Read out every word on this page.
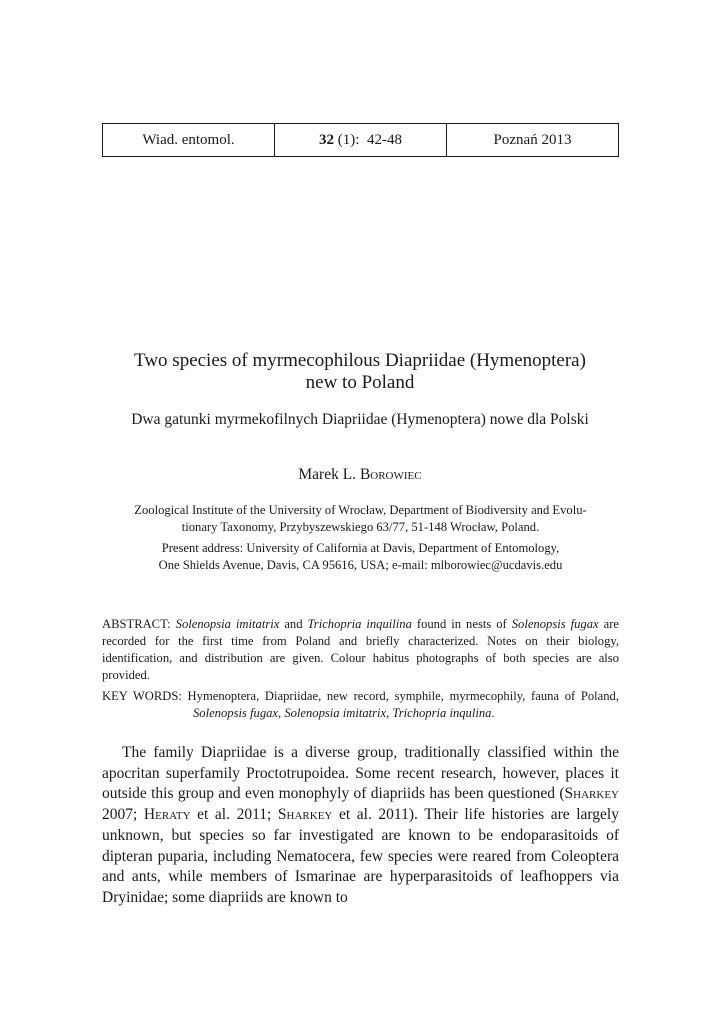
Wiad. entomol.	32 (1):  42-48	Poznań 2013
Two species of myrmecophilous Diapriidae (Hymenoptera)
new to Poland
Dwa gatunki myrmekofilnych Diapriidae (Hymenoptera) nowe dla Polski
Marek L. Borowiec
Zoological Institute of the University of Wrocław, Department of Biodiversity and Evolu-
tionary Taxonomy, Przybyszewskiego 63/77, 51-148 Wrocław, Poland.
Present address: University of California at Davis, Department of Entomology,
One Shields Avenue, Davis, CA 95616, USA; e-mail: mlborowiec@ucdavis.edu
ABSTRACT: Solenopsia imitatrix and Trichopria inquilina found in nests of Solenopsis fugax are recorded for the first time from Poland and briefly characterized. Notes on their biology, identification, and distribution are given. Colour habitus photographs of both species are also provided.
KEY WORDS: Hymenoptera, Diapriidae, new record, symphile, myrmecophily, fauna of Poland, Solenopsis fugax, Solenopsia imitatrix, Trichopria inqulina.
The family Diapriidae is a diverse group, traditionally classified within the apocritan superfamily Proctotrupoidea. Some recent research, however, places it outside this group and even monophyly of diapriids has been questioned (Sharkey 2007; Heraty et al. 2011; Sharkey et al. 2011). Their life histories are largely unknown, but species so far investigated are known to be endoparasitoids of dipteran puparia, including Nematocera, few species were reared from Coleoptera and ants, while members of Ismarinae are hyperparasitoids of leafhoppers via Dryinidae; some diapriids are known to
